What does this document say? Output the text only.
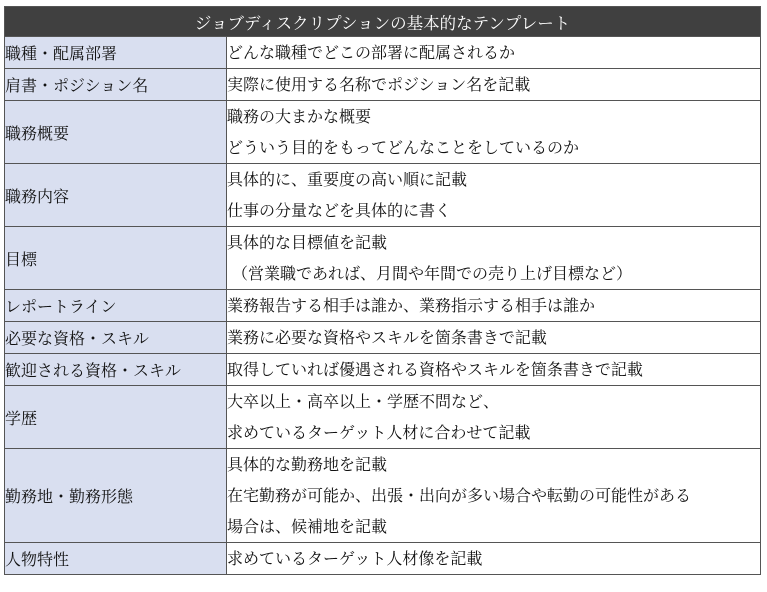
ジョブディスクリプションの基本的なテンプレート	
職種・配属部署	どんな職種でどこの部署に配属されるか

肩書・ポジション名	実際に使用する名称でポジション名を記載

職務概要	職務の大まかな概要
どういう目的をもってどんなことをしているのか

職務内容	具体的に、重要度の高い順に記載
仕事の分量などを具体的に書く

目標	具体的な目標値を記載
（営業職であれば、月間や年間での売り上げ目標など）

レポートライン	業務報告する相手は誰か、業務指示する相手は誰か

必要な資格・スキル	業務に必要な資格やスキルを箇条書きで記載

歓迎される資格・スキル	取得していれば優遇される資格やスキルを箇条書きで記載

学歴	大卒以上・高卒以上・学歴不問など、
求めているターゲット人材に合わせて記載

勤務地・勤務形態	具体的な勤務地を記載
在宅勤務が可能か、出張・出向が多い場合や転勤の可能性がある
場合は、候補地を記載

人物特性	求めているターゲット人材像を記載
